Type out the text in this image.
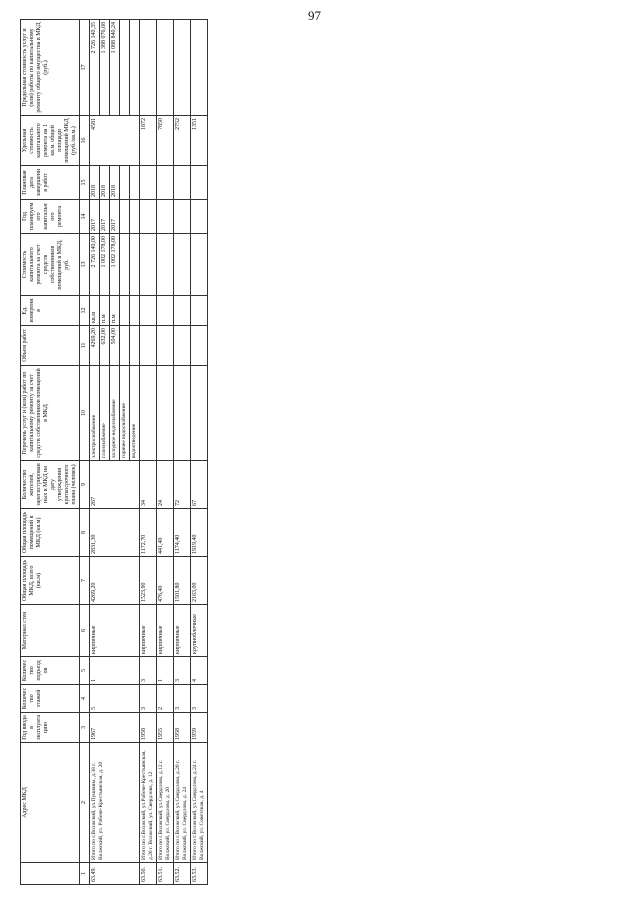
97
	Адрес МКД	Год ввода в эксплуатацию	Количество этажей	Количество подъездов	Материал стен	Общая площадь МКД, всего (кв.м)	Общая площадь помещений в МКД (кв.м)	Количество жителей, зарегистрированных в МКД на дату утверждения краткосрочного плана (человек)	Перечень услуг и (или) работ по капитальному ремонту за счет средств собственников помещений в МКД	Объем работ	Ед. измерения	Стоимость капитального ремонта за счет средств собственников помещений в МКД, руб.	Год планируемого капитального ремонта	Плановая дата завершения работ	Удельная стоимость капитального ремонта на 1 кв.м. общей площади помещений МКД (руб./кв.м.)	Предельная стоимость услуг и (или) работы по капитальному ремонту общего имущества в МКД (руб.)
1	2	3	4	5	6	7	8	9	10	11	12	13	14	15	16	17
63.49.	Итого по г.Волжский, ул.Пушкина, д.38 г. Волжский, ул. Рабоче-Крестьянская, д. 20	1967	5	1	кирпичные	4269,20	2831,30	267	электроснабжение	4269,20	кв.м	2 726 140,00	2017	2018	4581	2 726 140,35
									газоснабжение	632,00	п.м	1 002 178,00	2017	2018		1 388 076,68
									холодное водоснабжение	504,00	п.м	1 002 178,00	2017	2018		1 088 840,24
									горячее водоснабжение							
									водоотведение							
63.50.	Итого по г.Волжский, ул.Рабоче-Крестьянская, д.20 г. Волжский, ул. Свердлова, д. 12	1958	3	3	кирпичные	1523,90	1172,70	34							1872	
63.51.	Итого по г.Волжский, ул.Свердлова, д.12 г. Волжский, ул. Свердлова, д. 20	1955	2	1	кирпичные	476,40	441,40	24							7850	
63.52.	Итого по г.Волжский, ул.Свердлова, д.20 г. Волжский, ул. Свердлова, д. 24	1958	3	3	кирпичные	1501,80	1174,40	72							2752	
63.53.	Итого по г.Волжский, ул.Свердлова, д.24 г. Волжский, ул. Советская, д. 4	1959	3	4	крупноблочные	2163,00	1919,40	67							1351	
